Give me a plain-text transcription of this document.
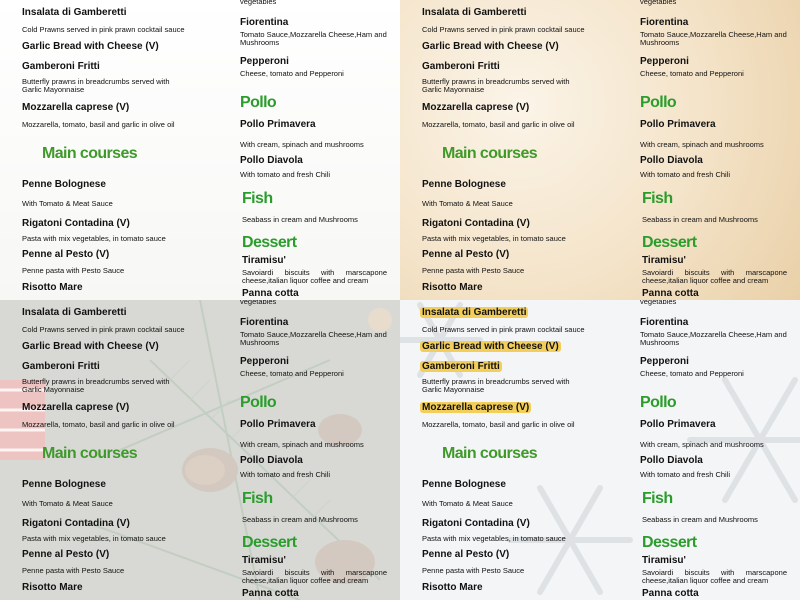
Insalata di Gamberetti
Cold Prawns served in pink prawn cocktail sauce
Garlic Bread with Cheese (V)
Gamberoni Fritti
Butterfly prawns in breadcrumbs served with Garlic Mayonnaise
Mozzarella caprese (V)
Mozzarella, tomato, basil and garlic in olive oil
Main courses
Penne Bolognese
With Tomato & Meat Sauce
Rigatoni Contadina (V)
Pasta with mix vegetables, in tomato sauce
Penne al Pesto (V)
Penne pasta with Pesto Sauce
Risotto Mare
vegetables
Fiorentina
Tomato Sauce,Mozzarella Cheese,Ham and Mushrooms
Pepperoni
Cheese, tomato and Pepperoni
Pollo
Pollo Primavera
With cream, spinach and mushrooms
Pollo Diavola
With tomato and fresh Chili
Fish
Seabass in cream and Mushrooms
Dessert
Tiramisu'
Savoiardi biscuits with marscapone cheese,italian liquor coffee and cream
Panna cotta
Insalata di Gamberetti
Cold Prawns served in pink prawn cocktail sauce
Garlic Bread with Cheese (V)
Gamberoni Fritti
Butterfly prawns in breadcrumbs served with Garlic Mayonnaise
Mozzarella caprese (V)
Mozzarella, tomato, basil and garlic in olive oil
Main courses
Penne Bolognese
With Tomato & Meat Sauce
Rigatoni Contadina (V)
Pasta with mix vegetables, in tomato sauce
Penne al Pesto (V)
Penne pasta with Pesto Sauce
Risotto Mare
vegetables
Fiorentina
Tomato Sauce,Mozzarella Cheese,Ham and Mushrooms
Pepperoni
Cheese, tomato and Pepperoni
Pollo
Pollo Primavera
With cream, spinach and mushrooms
Pollo Diavola
With tomato and fresh Chili
Fish
Seabass in cream and Mushrooms
Dessert
Tiramisu'
Savoiardi biscuits with marscapone cheese,italian liquor coffee and cream
Panna cotta
Insalata di Gamberetti
Cold Prawns served in pink prawn cocktail sauce
Garlic Bread with Cheese (V)
Gamberoni Fritti
Butterfly prawns in breadcrumbs served with Garlic Mayonnaise
Mozzarella caprese (V)
Mozzarella, tomato, basil and garlic in olive oil
Main courses
Penne Bolognese
With Tomato & Meat Sauce
Rigatoni Contadina (V)
Pasta with mix vegetables, in tomato sauce
Penne al Pesto (V)
Penne pasta with Pesto Sauce
Risotto Mare
vegetables
Fiorentina
Tomato Sauce,Mozzarella Cheese,Ham and Mushrooms
Pepperoni
Cheese, tomato and Pepperoni
Pollo
Pollo Primavera
With cream, spinach and mushrooms
Pollo Diavola
With tomato and fresh Chili
Fish
Seabass in cream and Mushrooms
Dessert
Tiramisu'
Savoiardi biscuits with marscapone cheese,italian liquor coffee and cream
Panna cotta
Insalata di Gamberetti
Cold Prawns served in pink prawn cocktail sauce
Garlic Bread with Cheese (V)
Gamberoni Fritti
Butterfly prawns in breadcrumbs served with Garlic Mayonnaise
Mozzarella caprese (V)
Mozzarella, tomato, basil and garlic in olive oil
Main courses
Penne Bolognese
With Tomato & Meat Sauce
Rigatoni Contadina (V)
Pasta with mix vegetables, in tomato sauce
Penne al Pesto (V)
Penne pasta with Pesto Sauce
Risotto Mare
vegetables
Fiorentina
Tomato Sauce,Mozzarella Cheese,Ham and Mushrooms
Pepperoni
Cheese, tomato and Pepperoni
Pollo
Pollo Primavera
With cream, spinach and mushrooms
Pollo Diavola
With tomato and fresh Chili
Fish
Seabass in cream and Mushrooms
Dessert
Tiramisu'
Savoiardi biscuits with marscapone cheese,italian liquor coffee and cream
Panna cotta
